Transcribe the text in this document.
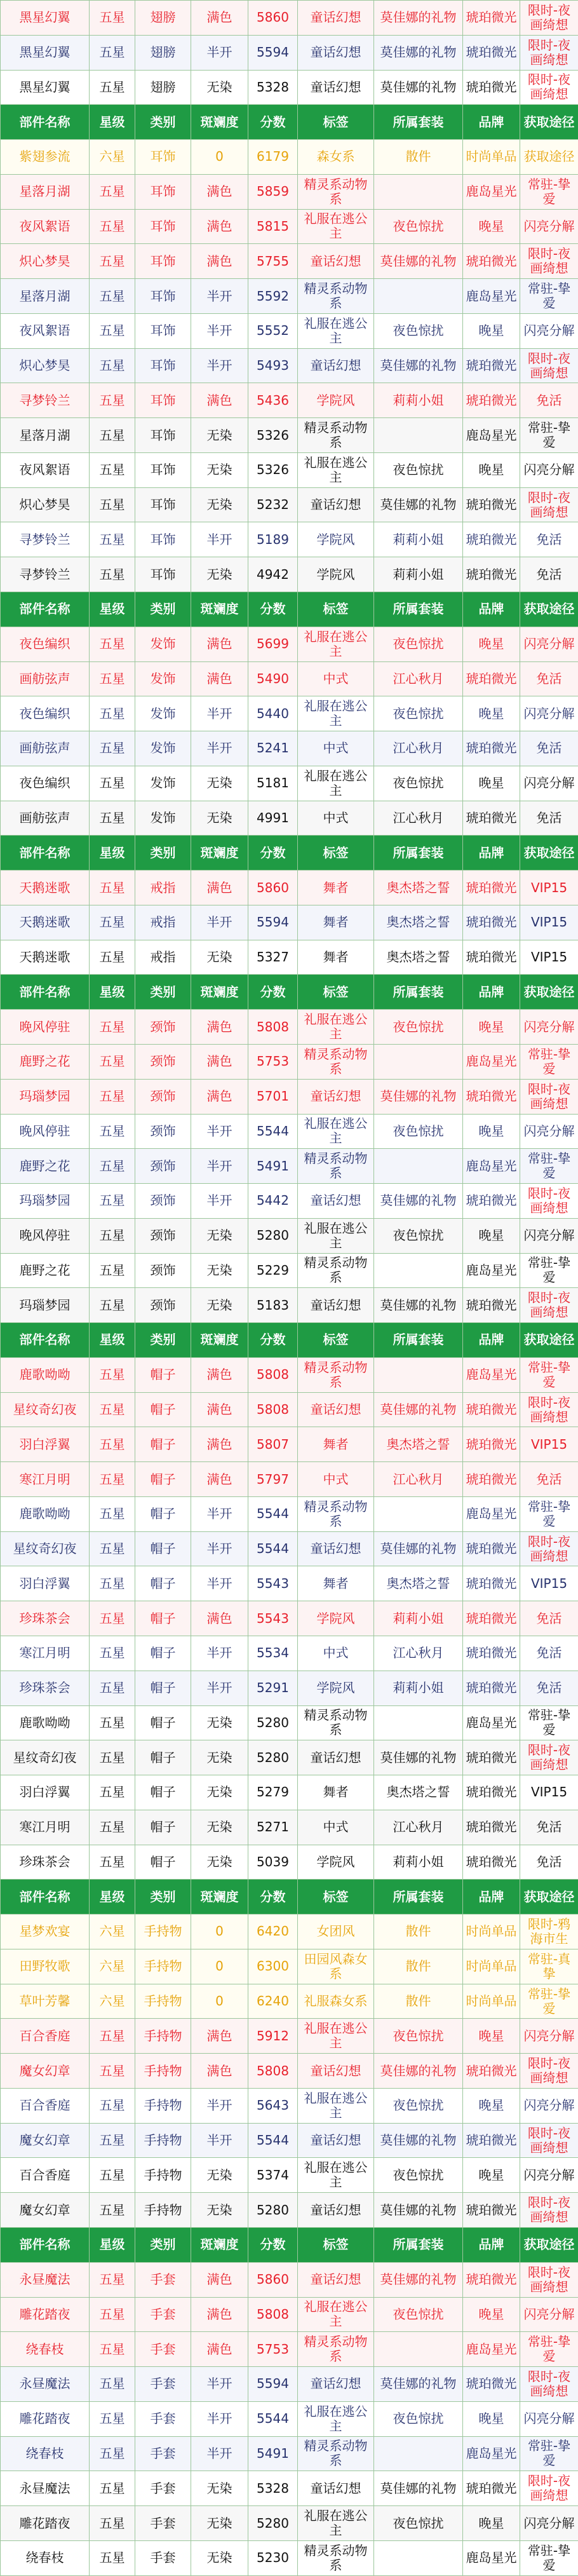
黑星幻翼	五星	翅膀	满色	5860	童话幻想	莫佳娜的礼物	琥珀微光	限时-夜画绮想
黑星幻翼	五星	翅膀	半开	5594	童话幻想	莫佳娜的礼物	琥珀微光	限时-夜画绮想
黑星幻翼	五星	翅膀	无染	5328	童话幻想	莫佳娜的礼物	琥珀微光	限时-夜画绮想
部件名称	星级	类别	斑斓度	分数	标签	所属套装	品牌	获取途径
紫翅参流	六星	耳饰	0	6179	森女系	散件	时尚单品	获取途径
星落月湖	五星	耳饰	满色	5859	精灵系动物系		鹿岛星光	常驻-挚爱
夜风絮语	五星	耳饰	满色	5815	礼服在逃公主	夜色惊扰	晚星	闪亮分解
炽心梦昊	五星	耳饰	满色	5755	童话幻想	莫佳娜的礼物	琥珀微光	限时-夜画绮想
星落月湖	五星	耳饰	半开	5592	精灵系动物系		鹿岛星光	常驻-挚爱
夜风絮语	五星	耳饰	半开	5552	礼服在逃公主	夜色惊扰	晚星	闪亮分解
炽心梦昊	五星	耳饰	半开	5493	童话幻想	莫佳娜的礼物	琥珀微光	限时-夜画绮想
寻梦铃兰	五星	耳饰	满色	5436	学院风	莉莉小姐	琥珀微光	免活
星落月湖	五星	耳饰	无染	5326	精灵系动物系		鹿岛星光	常驻-挚爱
夜风絮语	五星	耳饰	无染	5326	礼服在逃公主	夜色惊扰	晚星	闪亮分解
炽心梦昊	五星	耳饰	无染	5232	童话幻想	莫佳娜的礼物	琥珀微光	限时-夜画绮想
寻梦铃兰	五星	耳饰	半开	5189	学院风	莉莉小姐	琥珀微光	免活
寻梦铃兰	五星	耳饰	无染	4942	学院风	莉莉小姐	琥珀微光	免活
部件名称	星级	类别	斑斓度	分数	标签	所属套装	品牌	获取途径
夜色编织	五星	发饰	满色	5699	礼服在逃公主	夜色惊扰	晚星	闪亮分解
画舫弦声	五星	发饰	满色	5490	中式	江心秋月	琥珀微光	免活
夜色编织	五星	发饰	半开	5440	礼服在逃公主	夜色惊扰	晚星	闪亮分解
画舫弦声	五星	发饰	半开	5241	中式	江心秋月	琥珀微光	免活
夜色编织	五星	发饰	无染	5181	礼服在逃公主	夜色惊扰	晚星	闪亮分解
画舫弦声	五星	发饰	无染	4991	中式	江心秋月	琥珀微光	免活
部件名称	星级	类别	斑斓度	分数	标签	所属套装	品牌	获取途径
天鹅迷歌	五星	戒指	满色	5860	舞者	奥杰塔之誓	琥珀微光	VIP15
天鹅迷歌	五星	戒指	半开	5594	舞者	奥杰塔之誓	琥珀微光	VIP15
天鹅迷歌	五星	戒指	无染	5327	舞者	奥杰塔之誓	琥珀微光	VIP15
部件名称	星级	类别	斑斓度	分数	标签	所属套装	品牌	获取途径
晚风停驻	五星	颈饰	满色	5808	礼服在逃公主	夜色惊扰	晚星	闪亮分解
鹿野之花	五星	颈饰	满色	5753	精灵系动物系		鹿岛星光	常驻-挚爱
玛瑙梦园	五星	颈饰	满色	5701	童话幻想	莫佳娜的礼物	琥珀微光	限时-夜画绮想
晚风停驻	五星	颈饰	半开	5544	礼服在逃公主	夜色惊扰	晚星	闪亮分解
鹿野之花	五星	颈饰	半开	5491	精灵系动物系		鹿岛星光	常驻-挚爱
玛瑙梦园	五星	颈饰	半开	5442	童话幻想	莫佳娜的礼物	琥珀微光	限时-夜画绮想
晚风停驻	五星	颈饰	无染	5280	礼服在逃公主	夜色惊扰	晚星	闪亮分解
鹿野之花	五星	颈饰	无染	5229	精灵系动物系		鹿岛星光	常驻-挚爱
玛瑙梦园	五星	颈饰	无染	5183	童话幻想	莫佳娜的礼物	琥珀微光	限时-夜画绮想
部件名称	星级	类别	斑斓度	分数	标签	所属套装	品牌	获取途径
鹿歌呦呦	五星	帽子	满色	5808	精灵系动物系		鹿岛星光	常驻-挚爱
星纹奇幻夜	五星	帽子	满色	5808	童话幻想	莫佳娜的礼物	琥珀微光	限时-夜画绮想
羽白浮翼	五星	帽子	满色	5807	舞者	奥杰塔之誓	琥珀微光	VIP15
寒江月明	五星	帽子	满色	5797	中式	江心秋月	琥珀微光	免活
鹿歌呦呦	五星	帽子	半开	5544	精灵系动物系		鹿岛星光	常驻-挚爱
星纹奇幻夜	五星	帽子	半开	5544	童话幻想	莫佳娜的礼物	琥珀微光	限时-夜画绮想
羽白浮翼	五星	帽子	半开	5543	舞者	奥杰塔之誓	琥珀微光	VIP15
珍珠茶会	五星	帽子	满色	5543	学院风	莉莉小姐	琥珀微光	免活
寒江月明	五星	帽子	半开	5534	中式	江心秋月	琥珀微光	免活
珍珠茶会	五星	帽子	半开	5291	学院风	莉莉小姐	琥珀微光	免活
鹿歌呦呦	五星	帽子	无染	5280	精灵系动物系		鹿岛星光	常驻-挚爱
星纹奇幻夜	五星	帽子	无染	5280	童话幻想	莫佳娜的礼物	琥珀微光	限时-夜画绮想
羽白浮翼	五星	帽子	无染	5279	舞者	奥杰塔之誓	琥珀微光	VIP15
寒江月明	五星	帽子	无染	5271	中式	江心秋月	琥珀微光	免活
珍珠茶会	五星	帽子	无染	5039	学院风	莉莉小姐	琥珀微光	免活
部件名称	星级	类别	斑斓度	分数	标签	所属套装	品牌	获取途径
星梦欢宴	六星	手持物	0	6420	女团风	散件	时尚单品	限时-鸦海市生
田野牧歌	六星	手持物	0	6300	田园风森女系	散件	时尚单品	常驻-真挚
草叶芳馨	六星	手持物	0	6240	礼服森女系	散件	时尚单品	常驻-挚爱
百合香庭	五星	手持物	满色	5912	礼服在逃公主	夜色惊扰	晚星	闪亮分解
魔女幻章	五星	手持物	满色	5808	童话幻想	莫佳娜的礼物	琥珀微光	限时-夜画绮想
百合香庭	五星	手持物	半开	5643	礼服在逃公主	夜色惊扰	晚星	闪亮分解
魔女幻章	五星	手持物	半开	5544	童话幻想	莫佳娜的礼物	琥珀微光	限时-夜画绮想
百合香庭	五星	手持物	无染	5374	礼服在逃公主	夜色惊扰	晚星	闪亮分解
魔女幻章	五星	手持物	无染	5280	童话幻想	莫佳娜的礼物	琥珀微光	限时-夜画绮想
部件名称	星级	类别	斑斓度	分数	标签	所属套装	品牌	获取途径
永昼魔法	五星	手套	满色	5860	童话幻想	莫佳娜的礼物	琥珀微光	限时-夜画绮想
雕花踏夜	五星	手套	满色	5808	礼服在逃公主	夜色惊扰	晚星	闪亮分解
绕春枝	五星	手套	满色	5753	精灵系动物系		鹿岛星光	常驻-挚爱
永昼魔法	五星	手套	半开	5594	童话幻想	莫佳娜的礼物	琥珀微光	限时-夜画绮想
雕花踏夜	五星	手套	半开	5544	礼服在逃公主	夜色惊扰	晚星	闪亮分解
绕春枝	五星	手套	半开	5491	精灵系动物系		鹿岛星光	常驻-挚爱
永昼魔法	五星	手套	无染	5328	童话幻想	莫佳娜的礼物	琥珀微光	限时-夜画绮想
雕花踏夜	五星	手套	无染	5280	礼服在逃公主	夜色惊扰	晚星	闪亮分解
绕春枝	五星	手套	无染	5230	精灵系动物系		鹿岛星光	常驻-挚爱
